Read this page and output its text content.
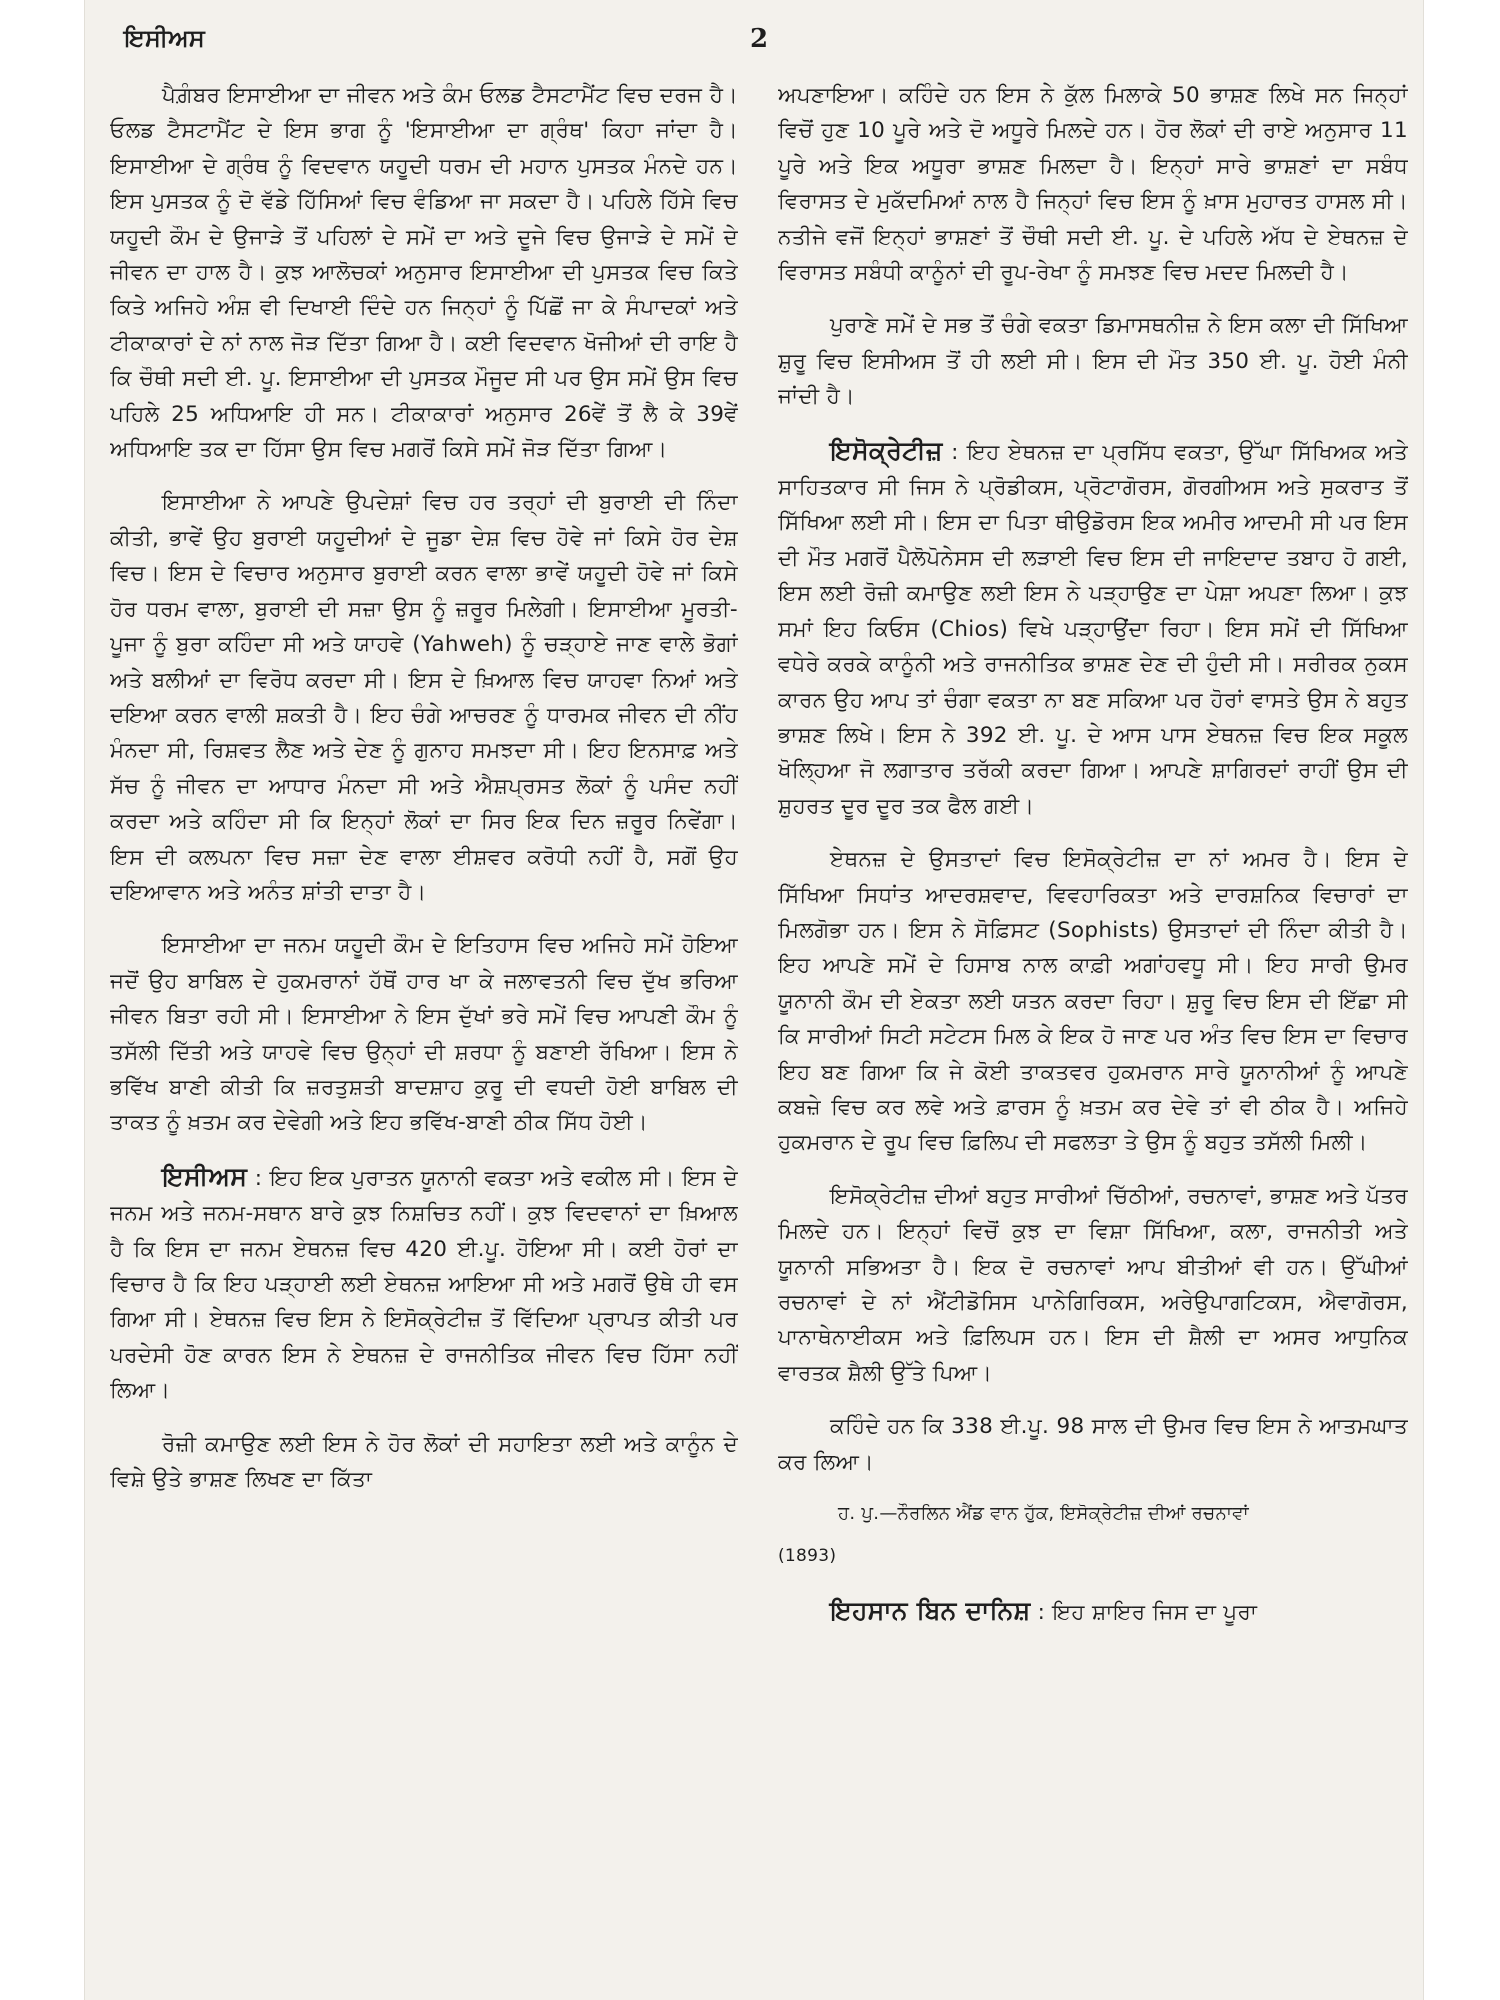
ਇਸੀਅਸ	2

ਪੈਗ਼ੰਬਰ ਇਸਾਈਆ ਦਾ ਜੀਵਨ ਅਤੇ ਕੰਮ ਓਲਡ ਟੈਸਟਾਮੈਂਟ ਵਿਚ ਦਰਜ ਹੈ। ਓਲਡ ਟੈਸਟਾਮੈਂਟ ਦੇ ਇਸ ਭਾਗ ਨੂੰ 'ਇਸਾਈਆ ਦਾ ਗ੍ਰੰਥ' ਕਿਹਾ ਜਾਂਦਾ ਹੈ। ਇਸਾਈਆ ਦੇ ਗ੍ਰੰਥ ਨੂੰ ਵਿਦਵਾਨ ਯਹੂਦੀ ਧਰਮ ਦੀ ਮਹਾਨ ਪੁਸਤਕ ਮੰਨਦੇ ਹਨ। ਇਸ ਪੁਸਤਕ ਨੂੰ ਦੋ ਵੱਡੇ ਹਿੱਸਿਆਂ ਵਿਚ ਵੰਡਿਆ ਜਾ ਸਕਦਾ ਹੈ। ਪਹਿਲੇ ਹਿੱਸੇ ਵਿਚ ਯਹੂਦੀ ਕੌਮ ਦੇ ਉਜਾੜੇ ਤੋਂ ਪਹਿਲਾਂ ਦੇ ਸਮੇਂ ਦਾ ਅਤੇ ਦੂਜੇ ਵਿਚ ਉਜਾੜੇ ਦੇ ਸਮੇਂ ਦੇ ਜੀਵਨ ਦਾ ਹਾਲ ਹੈ। ਕੁਝ ਆਲੋਚਕਾਂ ਅਨੁਸਾਰ ਇਸਾਈਆ ਦੀ ਪੁਸਤਕ ਵਿਚ ਕਿਤੇ ਕਿਤੇ ਅਜਿਹੇ ਅੰਸ਼ ਵੀ ਦਿਖਾਈ ਦਿੰਦੇ ਹਨ ਜਿਨ੍ਹਾਂ ਨੂੰ ਪਿੱਛੋਂ ਜਾ ਕੇ ਸੰਪਾਦਕਾਂ ਅਤੇ ਟੀਕਾਕਾਰਾਂ ਦੇ ਨਾਂ ਨਾਲ ਜੋੜ ਦਿੱਤਾ ਗਿਆ ਹੈ। ਕਈ ਵਿਦਵਾਨ ਖੋਜੀਆਂ ਦੀ ਰਾਇ ਹੈ ਕਿ ਚੌਥੀ ਸਦੀ ਈ. ਪੂ. ਇਸਾਈਆ ਦੀ ਪੁਸਤਕ ਮੌਜੂਦ ਸੀ ਪਰ ਉਸ ਸਮੇਂ ਉਸ ਵਿਚ ਪਹਿਲੇ 25 ਅਧਿਆਇ ਹੀ ਸਨ। ਟੀਕਾਕਾਰਾਂ ਅਨੁਸਾਰ 26ਵੇਂ ਤੋਂ ਲੈ ਕੇ 39ਵੇਂ ਅਧਿਆਇ ਤਕ ਦਾ ਹਿੱਸਾ ਉਸ ਵਿਚ ਮਗਰੋਂ ਕਿਸੇ ਸਮੇਂ ਜੋੜ ਦਿੱਤਾ ਗਿਆ।

ਇਸਾਈਆ ਨੇ ਆਪਣੇ ਉਪਦੇਸ਼ਾਂ ਵਿਚ ਹਰ ਤਰ੍ਹਾਂ ਦੀ ਬੁਰਾਈ ਦੀ ਨਿੰਦਾ ਕੀਤੀ, ਭਾਵੇਂ ਉਹ ਬੁਰਾਈ ਯਹੂਦੀਆਂ ਦੇ ਜੂਡਾ ਦੇਸ਼ ਵਿਚ ਹੋਵੇ ਜਾਂ ਕਿਸੇ ਹੋਰ ਦੇਸ਼ ਵਿਚ। ਇਸ ਦੇ ਵਿਚਾਰ ਅਨੁਸਾਰ ਬੁਰਾਈ ਕਰਨ ਵਾਲਾ ਭਾਵੇਂ ਯਹੂਦੀ ਹੋਵੇ ਜਾਂ ਕਿਸੇ ਹੋਰ ਧਰਮ ਵਾਲਾ, ਬੁਰਾਈ ਦੀ ਸਜ਼ਾ ਉਸ ਨੂੰ ਜ਼ਰੂਰ ਮਿਲੇਗੀ। ਇਸਾਈਆ ਮੂਰਤੀ-ਪੂਜਾ ਨੂੰ ਬੁਰਾ ਕਹਿੰਦਾ ਸੀ ਅਤੇ ਯਾਹਵੇ (Yahweh) ਨੂੰ ਚੜ੍ਹਾਏ ਜਾਣ ਵਾਲੇ ਭੋਗਾਂ ਅਤੇ ਬਲੀਆਂ ਦਾ ਵਿਰੋਧ ਕਰਦਾ ਸੀ। ਇਸ ਦੇ ਖ਼ਿਆਲ ਵਿਚ ਯਾਹਵਾ ਨਿਆਂ ਅਤੇ ਦਇਆ ਕਰਨ ਵਾਲੀ ਸ਼ਕਤੀ ਹੈ। ਇਹ ਚੰਗੇ ਆਚਰਣ ਨੂੰ ਧਾਰਮਕ ਜੀਵਨ ਦੀ ਨੀਂਹ ਮੰਨਦਾ ਸੀ, ਰਿਸ਼ਵਤ ਲੈਣ ਅਤੇ ਦੇਣ ਨੂੰ ਗੁਨਾਹ ਸਮਝਦਾ ਸੀ। ਇਹ ਇਨਸਾਫ਼ ਅਤੇ ਸੱਚ ਨੂੰ ਜੀਵਨ ਦਾ ਆਧਾਰ ਮੰਨਦਾ ਸੀ ਅਤੇ ਐਸ਼ਪ੍ਰਸਤ ਲੋਕਾਂ ਨੂੰ ਪਸੰਦ ਨਹੀਂ ਕਰਦਾ ਅਤੇ ਕਹਿੰਦਾ ਸੀ ਕਿ ਇਨ੍ਹਾਂ ਲੋਕਾਂ ਦਾ ਸਿਰ ਇਕ ਦਿਨ ਜ਼ਰੂਰ ਨਿਵੇਂਗਾ। ਇਸ ਦੀ ਕਲਪਨਾ ਵਿਚ ਸਜ਼ਾ ਦੇਣ ਵਾਲਾ ਈਸ਼ਵਰ ਕਰੋਧੀ ਨਹੀਂ ਹੈ, ਸਗੋਂ ਉਹ ਦਇਆਵਾਨ ਅਤੇ ਅਨੰਤ ਸ਼ਾਂਤੀ ਦਾਤਾ ਹੈ।

ਇਸਾਈਆ ਦਾ ਜਨਮ ਯਹੂਦੀ ਕੌਮ ਦੇ ਇਤਿਹਾਸ ਵਿਚ ਅਜਿਹੇ ਸਮੇਂ ਹੋਇਆ ਜਦੋਂ ਉਹ ਬਾਬਿਲ ਦੇ ਹੁਕਮਰਾਨਾਂ ਹੱਥੋਂ ਹਾਰ ਖਾ ਕੇ ਜਲਾਵਤਨੀ ਵਿਚ ਦੁੱਖ ਭਰਿਆ ਜੀਵਨ ਬਿਤਾ ਰਹੀ ਸੀ। ਇਸਾਈਆ ਨੇ ਇਸ ਦੁੱਖਾਂ ਭਰੇ ਸਮੇਂ ਵਿਚ ਆਪਣੀ ਕੌਮ ਨੂੰ ਤਸੱਲੀ ਦਿੱਤੀ ਅਤੇ ਯਾਹਵੇ ਵਿਚ ਉਨ੍ਹਾਂ ਦੀ ਸ਼ਰਧਾ ਨੂੰ ਬਣਾਈ ਰੱਖਿਆ। ਇਸ ਨੇ ਭਵਿੱਖ ਬਾਣੀ ਕੀਤੀ ਕਿ ਜ਼ਰਤੁਸ਼ਤੀ ਬਾਦਸ਼ਾਹ ਕੁਰੂ ਦੀ ਵਧਦੀ ਹੋਈ ਬਾਬਿਲ ਦੀ ਤਾਕਤ ਨੂੰ ਖ਼ਤਮ ਕਰ ਦੇਵੇਗੀ ਅਤੇ ਇਹ ਭਵਿੱਖ-ਬਾਣੀ ਠੀਕ ਸਿੱਧ ਹੋਈ।

ਇਸੀਅਸ : ਇਹ ਇਕ ਪੁਰਾਤਨ ਯੂਨਾਨੀ ਵਕਤਾ ਅਤੇ ਵਕੀਲ ਸੀ। ਇਸ ਦੇ ਜਨਮ ਅਤੇ ਜਨਮ-ਸਥਾਨ ਬਾਰੇ ਕੁਝ ਨਿਸ਼ਚਿਤ ਨਹੀਂ। ਕੁਝ ਵਿਦਵਾਨਾਂ ਦਾ ਖ਼ਿਆਲ ਹੈ ਕਿ ਇਸ ਦਾ ਜਨਮ ਏਥਨਜ਼ ਵਿਚ 420 ਈ.ਪੂ. ਹੋਇਆ ਸੀ। ਕਈ ਹੋਰਾਂ ਦਾ ਵਿਚਾਰ ਹੈ ਕਿ ਇਹ ਪੜ੍ਹਾਈ ਲਈ ਏਥਨਜ਼ ਆਇਆ ਸੀ ਅਤੇ ਮਗਰੋਂ ਉਥੇ ਹੀ ਵਸ ਗਿਆ ਸੀ। ਏਥਨਜ਼ ਵਿਚ ਇਸ ਨੇ ਇਸੋਕ੍ਰੇਟੀਜ਼ ਤੋਂ ਵਿੱਦਿਆ ਪ੍ਰਾਪਤ ਕੀਤੀ ਪਰ ਪਰਦੇਸੀ ਹੋਣ ਕਾਰਨ ਇਸ ਨੇ ਏਥਨਜ਼ ਦੇ ਰਾਜਨੀਤਿਕ ਜੀਵਨ ਵਿਚ ਹਿੱਸਾ ਨਹੀਂ ਲਿਆ।

ਰੋਜ਼ੀ ਕਮਾਉਣ ਲਈ ਇਸ ਨੇ ਹੋਰ ਲੋਕਾਂ ਦੀ ਸਹਾਇਤਾ ਲਈ ਅਤੇ ਕਾਨੂੰਨ ਦੇ ਵਿਸ਼ੇ ਉਤੇ ਭਾਸ਼ਣ ਲਿਖਣ ਦਾ ਕਿੱਤਾ

ਅਪਣਾਇਆ। ਕਹਿੰਦੇ ਹਨ ਇਸ ਨੇ ਕੁੱਲ ਮਿਲਾਕੇ 50 ਭਾਸ਼ਣ ਲਿਖੇ ਸਨ ਜਿਨ੍ਹਾਂ ਵਿਚੋਂ ਹੁਣ 10 ਪੂਰੇ ਅਤੇ ਦੋ ਅਧੂਰੇ ਮਿਲਦੇ ਹਨ। ਹੋਰ ਲੋਕਾਂ ਦੀ ਰਾਏ ਅਨੁਸਾਰ 11 ਪੂਰੇ ਅਤੇ ਇਕ ਅਧੂਰਾ ਭਾਸ਼ਣ ਮਿਲਦਾ ਹੈ। ਇਨ੍ਹਾਂ ਸਾਰੇ ਭਾਸ਼ਣਾਂ ਦਾ ਸਬੰਧ ਵਿਰਾਸਤ ਦੇ ਮੁਕੱਦਮਿਆਂ ਨਾਲ ਹੈ ਜਿਨ੍ਹਾਂ ਵਿਚ ਇਸ ਨੂੰ ਖ਼ਾਸ ਮੁਹਾਰਤ ਹਾਸਲ ਸੀ। ਨਤੀਜੇ ਵਜੋਂ ਇਨ੍ਹਾਂ ਭਾਸ਼ਣਾਂ ਤੋਂ ਚੌਥੀ ਸਦੀ ਈ. ਪੂ. ਦੇ ਪਹਿਲੇ ਅੱਧ ਦੇ ਏਥਨਜ਼ ਦੇ ਵਿਰਾਸਤ ਸਬੰਧੀ ਕਾਨੂੰਨਾਂ ਦੀ ਰੂਪ-ਰੇਖਾ ਨੂੰ ਸਮਝਣ ਵਿਚ ਮਦਦ ਮਿਲਦੀ ਹੈ।

ਪੁਰਾਣੇ ਸਮੇਂ ਦੇ ਸਭ ਤੋਂ ਚੰਗੇ ਵਕਤਾ ਡਿਮਾਸਥਨੀਜ਼ ਨੇ ਇਸ ਕਲਾ ਦੀ ਸਿੱਖਿਆ ਸ਼ੁਰੂ ਵਿਚ ਇਸੀਅਸ ਤੋਂ ਹੀ ਲਈ ਸੀ। ਇਸ ਦੀ ਮੌਤ 350 ਈ. ਪੂ. ਹੋਈ ਮੰਨੀ ਜਾਂਦੀ ਹੈ।

ਇਸੋਕ੍ਰੇਟੀਜ਼ : ਇਹ ਏਥਨਜ਼ ਦਾ ਪ੍ਰਸਿੱਧ ਵਕਤਾ, ਉੱਘਾ ਸਿੱਖਿਅਕ ਅਤੇ ਸਾਹਿਤਕਾਰ ਸੀ ਜਿਸ ਨੇ ਪ੍ਰੋਡੀਕਸ, ਪ੍ਰੋਟਾਗੋਰਸ, ਗੋਰਗੀਅਸ ਅਤੇ ਸੁਕਰਾਤ ਤੋਂ ਸਿੱਖਿਆ ਲਈ ਸੀ। ਇਸ ਦਾ ਪਿਤਾ ਥੀਉਡੋਰਸ ਇਕ ਅਮੀਰ ਆਦਮੀ ਸੀ ਪਰ ਇਸ ਦੀ ਮੌਤ ਮਗਰੋਂ ਪੈਲੋਪੋਨੇਸਸ ਦੀ ਲੜਾਈ ਵਿਚ ਇਸ ਦੀ ਜਾਇਦਾਦ ਤਬਾਹ ਹੋ ਗਈ, ਇਸ ਲਈ ਰੋਜ਼ੀ ਕਮਾਉਣ ਲਈ ਇਸ ਨੇ ਪੜ੍ਹਾਉਣ ਦਾ ਪੇਸ਼ਾ ਅਪਣਾ ਲਿਆ। ਕੁਝ ਸਮਾਂ ਇਹ ਕਿਓਸ (Chios) ਵਿਖੇ ਪੜ੍ਹਾਉਂਦਾ ਰਿਹਾ। ਇਸ ਸਮੇਂ ਦੀ ਸਿੱਖਿਆ ਵਧੇਰੇ ਕਰਕੇ ਕਾਨੂੰਨੀ ਅਤੇ ਰਾਜਨੀਤਿਕ ਭਾਸ਼ਣ ਦੇਣ ਦੀ ਹੁੰਦੀ ਸੀ। ਸਰੀਰਕ ਨੁਕਸ ਕਾਰਨ ਉਹ ਆਪ ਤਾਂ ਚੰਗਾ ਵਕਤਾ ਨਾ ਬਣ ਸਕਿਆ ਪਰ ਹੋਰਾਂ ਵਾਸਤੇ ਉਸ ਨੇ ਬਹੁਤ ਭਾਸ਼ਣ ਲਿਖੇ। ਇਸ ਨੇ 392 ਈ. ਪੂ. ਦੇ ਆਸ ਪਾਸ ਏਥਨਜ਼ ਵਿਚ ਇਕ ਸਕੂਲ ਖੋਲ੍ਹਿਆ ਜੋ ਲਗਾਤਾਰ ਤਰੱਕੀ ਕਰਦਾ ਗਿਆ। ਆਪਣੇ ਸ਼ਾਗਿਰਦਾਂ ਰਾਹੀਂ ਉਸ ਦੀ ਸ਼ੁਹਰਤ ਦੂਰ ਦੂਰ ਤਕ ਫੈਲ ਗਈ।

ਏਥਨਜ਼ ਦੇ ਉਸਤਾਦਾਂ ਵਿਚ ਇਸੋਕ੍ਰੇਟੀਜ਼ ਦਾ ਨਾਂ ਅਮਰ ਹੈ। ਇਸ ਦੇ ਸਿੱਖਿਆ ਸਿਧਾਂਤ ਆਦਰਸ਼ਵਾਦ, ਵਿਵਹਾਰਿਕਤਾ ਅਤੇ ਦਾਰਸ਼ਨਿਕ ਵਿਚਾਰਾਂ ਦਾ ਮਿਲਗੋਭਾ ਹਨ। ਇਸ ਨੇ ਸੋਫ਼ਿਸਟ (Sophists) ਉਸਤਾਦਾਂ ਦੀ ਨਿੰਦਾ ਕੀਤੀ ਹੈ। ਇਹ ਆਪਣੇ ਸਮੇਂ ਦੇ ਹਿਸਾਬ ਨਾਲ ਕਾਫ਼ੀ ਅਗਾਂਹਵਧੂ ਸੀ। ਇਹ ਸਾਰੀ ਉਮਰ ਯੂਨਾਨੀ ਕੌਮ ਦੀ ਏਕਤਾ ਲਈ ਯਤਨ ਕਰਦਾ ਰਿਹਾ। ਸ਼ੁਰੂ ਵਿਚ ਇਸ ਦੀ ਇੱਛਾ ਸੀ ਕਿ ਸਾਰੀਆਂ ਸਿਟੀ ਸਟੇਟਸ ਮਿਲ ਕੇ ਇਕ ਹੋ ਜਾਣ ਪਰ ਅੰਤ ਵਿਚ ਇਸ ਦਾ ਵਿਚਾਰ ਇਹ ਬਣ ਗਿਆ ਕਿ ਜੇ ਕੋਈ ਤਾਕਤਵਰ ਹੁਕਮਰਾਨ ਸਾਰੇ ਯੂਨਾਨੀਆਂ ਨੂੰ ਆਪਣੇ ਕਬਜ਼ੇ ਵਿਚ ਕਰ ਲਵੇ ਅਤੇ ਫ਼ਾਰਸ ਨੂੰ ਖ਼ਤਮ ਕਰ ਦੇਵੇ ਤਾਂ ਵੀ ਠੀਕ ਹੈ। ਅਜਿਹੇ ਹੁਕਮਰਾਨ ਦੇ ਰੂਪ ਵਿਚ ਫ਼ਿਲਿਪ ਦੀ ਸਫਲਤਾ ਤੇ ਉਸ ਨੂੰ ਬਹੁਤ ਤਸੱਲੀ ਮਿਲੀ।

ਇਸੋਕ੍ਰੇਟੀਜ਼ ਦੀਆਂ ਬਹੁਤ ਸਾਰੀਆਂ ਚਿੱਠੀਆਂ, ਰਚਨਾਵਾਂ, ਭਾਸ਼ਣ ਅਤੇ ਪੱਤਰ ਮਿਲਦੇ ਹਨ। ਇਨ੍ਹਾਂ ਵਿਚੋਂ ਕੁਝ ਦਾ ਵਿਸ਼ਾ ਸਿੱਖਿਆ, ਕਲਾ, ਰਾਜਨੀਤੀ ਅਤੇ ਯੂਨਾਨੀ ਸਭਿਅਤਾ ਹੈ। ਇਕ ਦੋ ਰਚਨਾਵਾਂ ਆਪ ਬੀਤੀਆਂ ਵੀ ਹਨ। ਉੱਘੀਆਂ ਰਚਨਾਵਾਂ ਦੇ ਨਾਂ ਐਂਟੀਡੋਸਿਸ ਪਾਨੇਗਿਰਿਕਸ, ਅਰੇਉਪਾਗਟਿਕਸ, ਐਵਾਗੋਰਸ, ਪਾਨਾਥੇਨਾਈਕਸ ਅਤੇ ਫ਼ਿਲਿਪਸ ਹਨ। ਇਸ ਦੀ ਸ਼ੈਲੀ ਦਾ ਅਸਰ ਆਧੁਨਿਕ ਵਾਰਤਕ ਸ਼ੈਲੀ ਉੱਤੇ ਪਿਆ।

ਕਹਿੰਦੇ ਹਨ ਕਿ 338 ਈ.ਪੂ. 98 ਸਾਲ ਦੀ ਉਮਰ ਵਿਚ ਇਸ ਨੇ ਆਤਮਘਾਤ ਕਰ ਲਿਆ।

ਹ. ਪੁ.—ਨੌਰਲਿਨ ਐਂਡ ਵਾਨ ਹੁੱਕ, ਇਸੋਕ੍ਰੇਟੀਜ਼ ਦੀਆਂ ਰਚਨਾਵਾਂ

(1893)

ਇਹਸਾਨ ਬਿਨ ਦਾਨਿਸ਼ : ਇਹ ਸ਼ਾਇਰ ਜਿਸ ਦਾ ਪੂਰਾ
